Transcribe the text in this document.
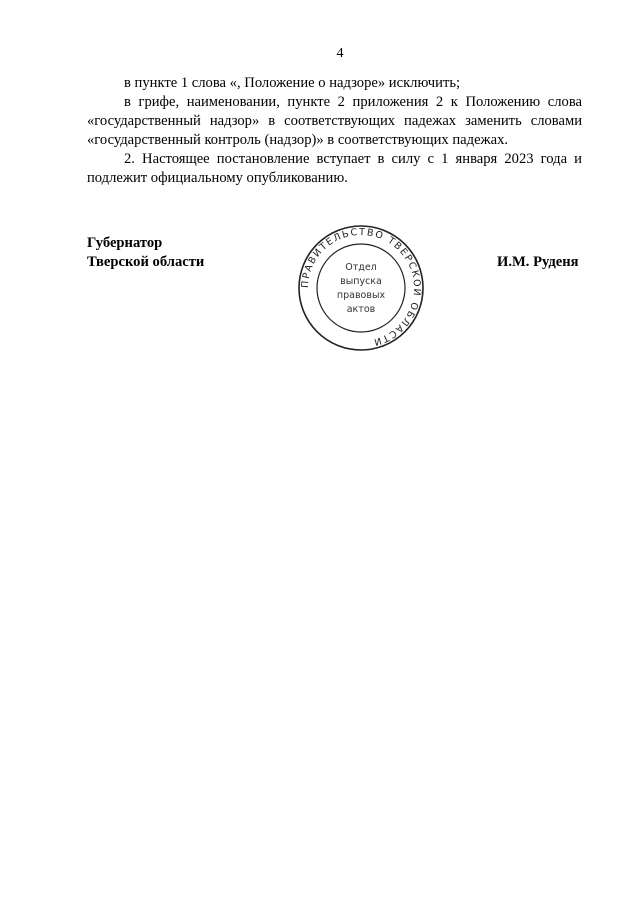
4

в пункте 1 слова «, Положение о надзоре» исключить;

в грифе, наименовании, пункте 2 приложения 2 к Положению слова «государственный надзор» в соответствующих падежах заменить словами «государственный контроль (надзор)» в соответствующих падежах.

2. Настоящее постановление вступает в силу с 1 января 2023 года и подлежит официальному опубликованию.

Губернатор
Тверской области
ПРАВИТЕЛЬСТВО ТВЕРСКОЙ ОБЛАСТИ
Отдел
выпуска
правовых
актов
И.М. Руденя
